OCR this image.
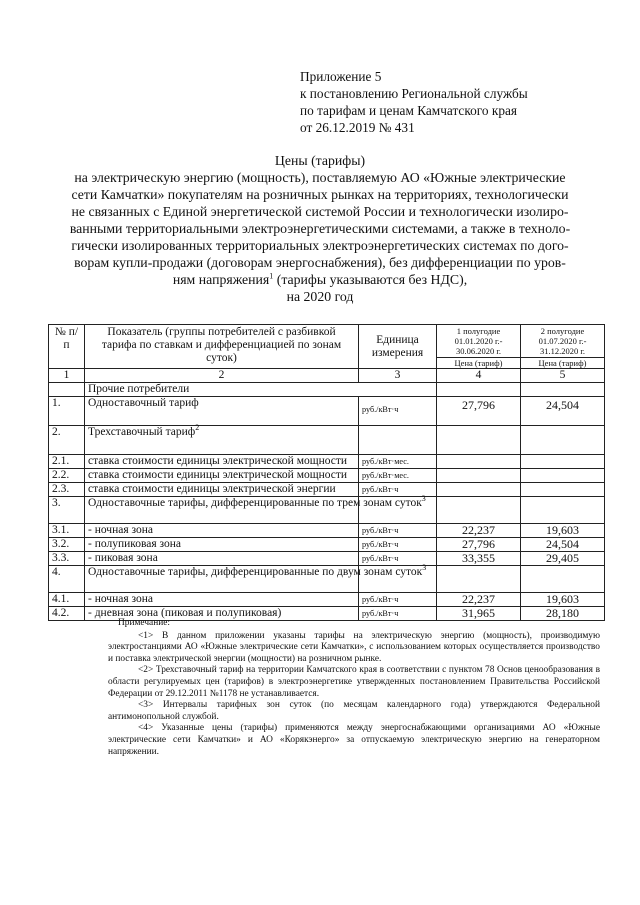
Приложение 5
к постановлению Региональной службы
по тарифам и ценам Камчатского края
от 26.12.2019 № 431
Цены (тарифы)
на электрическую энергию (мощность), поставляемую АО «Южные электрические
сети Камчатки» покупателям на розничных рынках на территориях, технологически
не связанных с Единой энергетической системой России и технологически изолиро-
ванными территориальными электроэнергетическими системами, а также в техноло-
гически изолированных территориальных электроэнергетических системах по дого-
ворам купли-продажи (договорам энергоснабжения), без дифференциации по уров-
ням напряжения$^1$ (тарифы указываются без НДС),
на 2020 год
№ п/п	Показатель (группы потребителей с разбивкой тарифа по ставкам и дифференциацией по зонам суток)	Единица измерения	1 полугодие 01.01.2020 г.- 30.06.2020 г.	2 полугодие 01.07.2020 г.- 31.12.2020 г.
			Цена (тариф)	Цена (тариф)
1	2	3	4	5
	Прочие потребители			
1.	Одноставочный тариф	руб./кВт·ч	27,796	24,504
2.	Трехставочный тариф$^2$			
2.1.	ставка стоимости единицы электрической мощности	руб./кВт·мес.		
2.2.	ставка стоимости единицы электрической мощности	руб./кВт·мес.		
2.3.	ставка стоимости единицы электрической энергии	руб./кВт·ч		
3.	Одноставочные тарифы, дифференцированные по трем зонам суток$^3$			
3.1.	- ночная зона	руб./кВт·ч	22,237	19,603
3.2.	- полупиковая зона	руб./кВт·ч	27,796	24,504
3.3.	- пиковая зона	руб./кВт·ч	33,355	29,405
4.	Одноставочные тарифы, дифференцированные по двум зонам суток$^3$			
4.1.	- ночная зона	руб./кВт·ч	22,237	19,603
4.2.	- дневная зона (пиковая и полупиковая)	руб./кВт·ч	31,965	28,180
Примечание:

<1> В данном приложении указаны тарифы на электрическую энергию (мощность), производимую электростанциями АО «Южные электрические сети Камчатки», с использованием которых осуществляется производство и поставка электрической энергии (мощности) на розничном рынке.

<2> Трехставочный тариф на территории Камчатского края в соответствии с пунктом 78 Основ ценообразования в области регулируемых цен (тарифов) в электроэнергетике утвержденных постановлением Правительства Российской Федерации от 29.12.2011 №1178 не устанавливается.

<3> Интервалы тарифных зон суток (по месяцам календарного года) утверждаются Федеральной антимонопольной службой.

<4> Указанные цены (тарифы) применяются между энергоснабжающими организациями АО «Южные электрические сети Камчатки» и АО «Корякэнерго» за отпускаемую электрическую энергию на генераторном напряжении.
